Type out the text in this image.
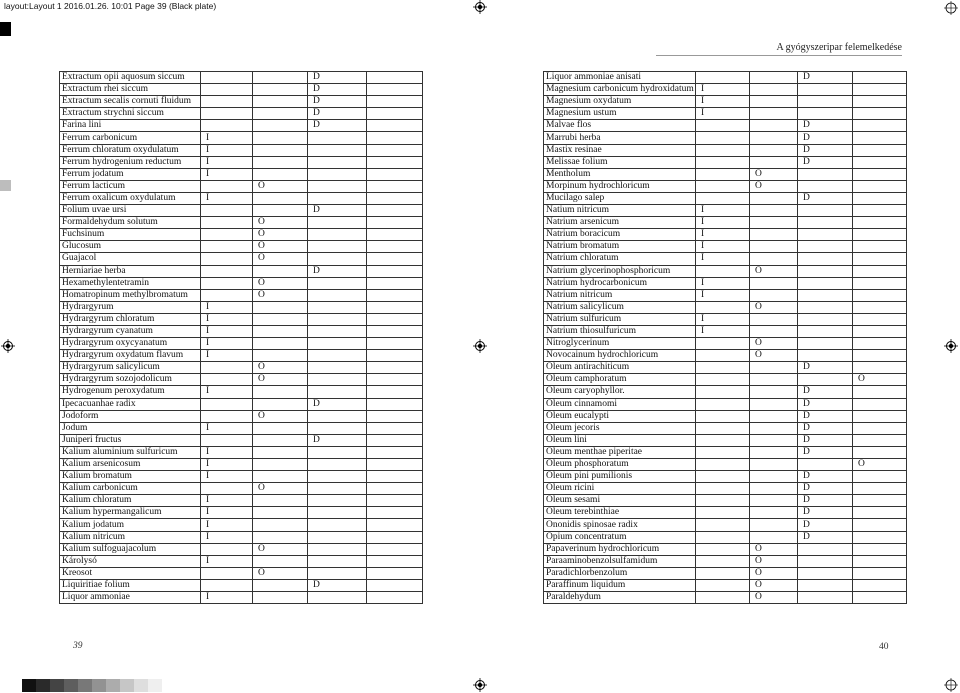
layout:Layout 1 2016.01.26. 10:01 Page 39 (Black plate)
A gyógyszeripar felemelkedése
Extractum opii aquosum siccum			D	
Extractum rhei siccum			D	
Extractum secalis cornuti fluidum			D	
Extractum strychni siccum			D	
Farina lini			D	
Ferrum carbonicum	I			
Ferrum chloratum oxydulatum	I			
Ferrum hydrogenium reductum	I			
Ferrum jodatum	I			
Ferrum lacticum		O		
Ferrum oxalicum oxydulatum	I			
Folium uvae ursi			D	
Formaldehydum solutum		O		
Fuchsinum		O		
Glucosum		O		
Guajacol		O		
Herniariae herba			D	
Hexamethylentetramin		O		
Homatropinum methylbromatum		O		
Hydrargyrum	I			
Hydrargyrum chloratum	I			
Hydrargyrum cyanatum	I			
Hydrargyrum oxycyanatum	I			
Hydrargyrum oxydatum flavum	I			
Hydrargyrum salicylicum		O		
Hydrargyrum sozojodolicum		O		
Hydrogenum peroxydatum	I			
Ipecacuanhae radix			D	
Jodoform		O		
Jodum	I			
Juniperi fructus			D	
Kalium aluminium sulfuricum	I			
Kalium arsenicosum	I			
Kalium bromatum	I			
Kalium carbonicum		O		
Kalium chloratum	I			
Kalium hypermangalicum	I			
Kalium jodatum	I			
Kalium nitricum	I			
Kalium sulfoguajacolum		O		
Károlysó	I			
Kreosot		O		
Liquiritiae folium			D	
Liquor ammoniae	I			
Liquor ammoniae anisati			D	
Magnesium carbonicum hydroxidatum	I			
Magnesium oxydatum	I			
Magnesium ustum	I			
Malvae flos			D	
Marrubi herba			D	
Mastix resinae			D	
Melissae folium			D	
Mentholum		O		
Morpinum hydrochloricum		O		
Mucilago salep			D	
Natium nitricum	I			
Natrium arsenicum	I			
Natrium boracicum	I			
Natrium bromatum	I			
Natrium chloratum	I			
Natrium glycerinophosphoricum		O		
Natrium hydrocarbonicum	I			
Natrium nitricum	I			
Natrium salicylicum		O		
Natrium sulfuricum	I			
Natrium thiosulfuricum	I			
Nitroglycerinum		O		
Novocainum hydrochloricum		O		
Oleum antirachiticum			D	
Oleum camphoratum				Ö
Oleum caryophyllor.			D	
Oleum cinnamomi			D	
Oleum eucalypti			D	
Oleum jecoris			D	
Oleum lini			D	
Oleum menthae piperitae			D	
Oleum phosphoratum				Ö
Oleum pini pumilionis			D	
Oleum ricini			D	
Oleum sesami			D	
Oleum terebinthiae			D	
Ononidis spinosae radix			D	
Opium concentratum			D	
Papaverinum hydrochloricum		O		
Paraaminobenzolsulfamidum		O		
Paradichlorbenzolum		O		
Paraffinum liquidum		O		
Paraldehydum		O		
39	40
